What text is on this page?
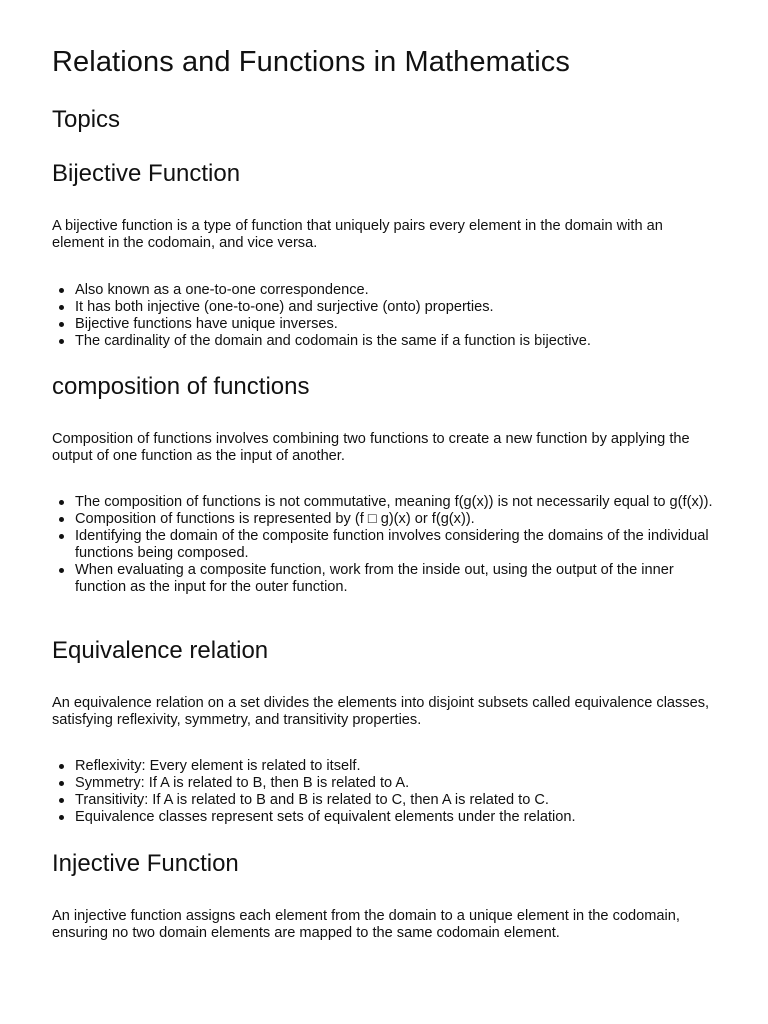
Relations and Functions in Mathematics
Topics
Bijective Function

A bijective function is a type of function that uniquely pairs every element in the domain with an element in the codomain, and vice versa.

Also known as a one-to-one correspondence.
It has both injective (one-to-one) and surjective (onto) properties.
Bijective functions have unique inverses.
The cardinality of the domain and codomain is the same if a function is bijective.
composition of functions

Composition of functions involves combining two functions to create a new function by applying the output of one function as the input of another.

The composition of functions is not commutative, meaning f(g(x)) is not necessarily equal to g(f(x)).
Composition of functions is represented by (f □ g)(x) or f(g(x)).
Identifying the domain of the composite function involves considering the domains of the individual functions being composed.
When evaluating a composite function, work from the inside out, using the output of the inner function as the input for the outer function.
Equivalence relation

An equivalence relation on a set divides the elements into disjoint subsets called equivalence classes, satisfying reflexivity, symmetry, and transitivity properties.

Reflexivity: Every element is related to itself.
Symmetry: If A is related to B, then B is related to A.
Transitivity: If A is related to B and B is related to C, then A is related to C.
Equivalence classes represent sets of equivalent elements under the relation.
Injective Function

An injective function assigns each element from the domain to a unique element in the codomain, ensuring no two domain elements are mapped to the same codomain element.
